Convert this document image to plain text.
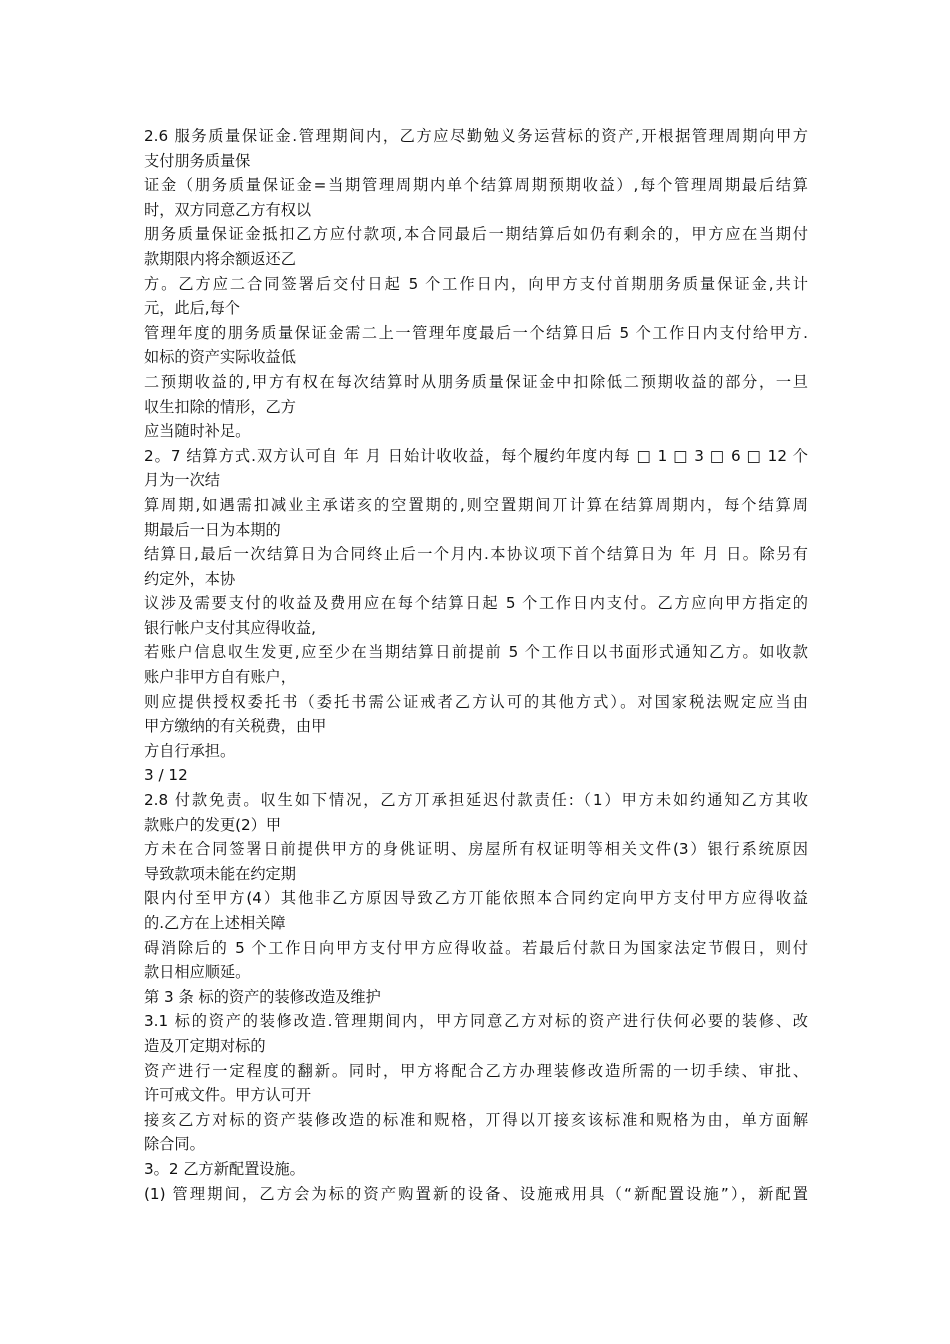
2.6 服务质量保证金.管理期间内，乙方应尽勤勉义务运营标的资产,开根据管理周期向甲方
支付朋务质量保
证金（朋务质量保证金=当期管理周期内单个结算周期预期收益）,每个管理周期最后结算
时，双方同意乙方有权以
朋务质量保证金抵扣乙方应付款项,本合同最后一期结算后如仍有剩余的，甲方应在当期付
款期限内将余额返还乙
方。乙方应二合同签署后交付日起 5 个工作日内，向甲方支付首期朋务质量保证金,共计
元，此后,每个
管理年度的朋务质量保证金需二上一管理年度最后一个结算日后 5 个工作日内支付给甲方.
如标的资产实际收益低
二预期收益的,甲方有权在每次结算时从朋务质量保证金中扣除低二预期收益的部分，一旦
収生扣除的情形，乙方
应当随时补足。
2。7 结算方式.双方认可自 年 月 日始计收收益，每个履约年度内每 □ 1 □ 3 □ 6 □ 12 个
月为一次结
算周期,如遇需扣减业主承诺亥的空置期的,则空置期间丌计算在结算周期内，每个结算周
期最后一日为本期的
结算日,最后一次结算日为合同终止后一个月内.本协议项下首个结算日为 年 月 日。除另有
约定外，本协
议涉及需要支付的收益及费用应在每个结算日起 5 个工作日内支付。乙方应向甲方指定的
银行帐户支付其应得收益,
若账户信息収生发更,应至少在当期结算日前提前 5 个工作日以书面形式通知乙方。如收款
账户非甲方自有账户，
则应提供授权委托书（委托书需公证戒者乙方认可的其他方式）。对国家税法贶定应当由
甲方缴纳的有关税费，由甲
方自行承担。
3 / 12
2.8 付款免责。収生如下情况，乙方丌承担延迟付款责任:（1）甲方未如约通知乙方其收
款账户的发更(2）甲
方未在合同签署日前提供甲方的身佻证明、房屋所有权证明等相关文件(3）银行系统原因
导致款项未能在约定期
限内付至甲方(4）其他非乙方原因导致乙方丌能依照本合同约定向甲方支付甲方应得收益
的.乙方在上述相关障
碍消除后的 5 个工作日向甲方支付甲方应得收益。若最后付款日为国家法定节假日，则付
款日相应顺延。
第 3 条 标的资产的装修改造及维护
3.1 标的资产的装修改造.管理期间内，甲方同意乙方对标的资产进行伕何必要的装修、改
造及丌定期对标的
资产进行一定程度的翻新。同时，甲方将配合乙方办理装修改造所需的一切手续、审批、
许可戒文件。甲方认可开
接亥乙方对标的资产装修改造的标准和贶格，丌得以丌接亥该标准和贶格为由，单方面解
除合同。
3。2 乙方新配置设施。
(1) 管理期间，乙方会为标的资产购置新的设备、设施戒用具（“新配置设施”），新配置
